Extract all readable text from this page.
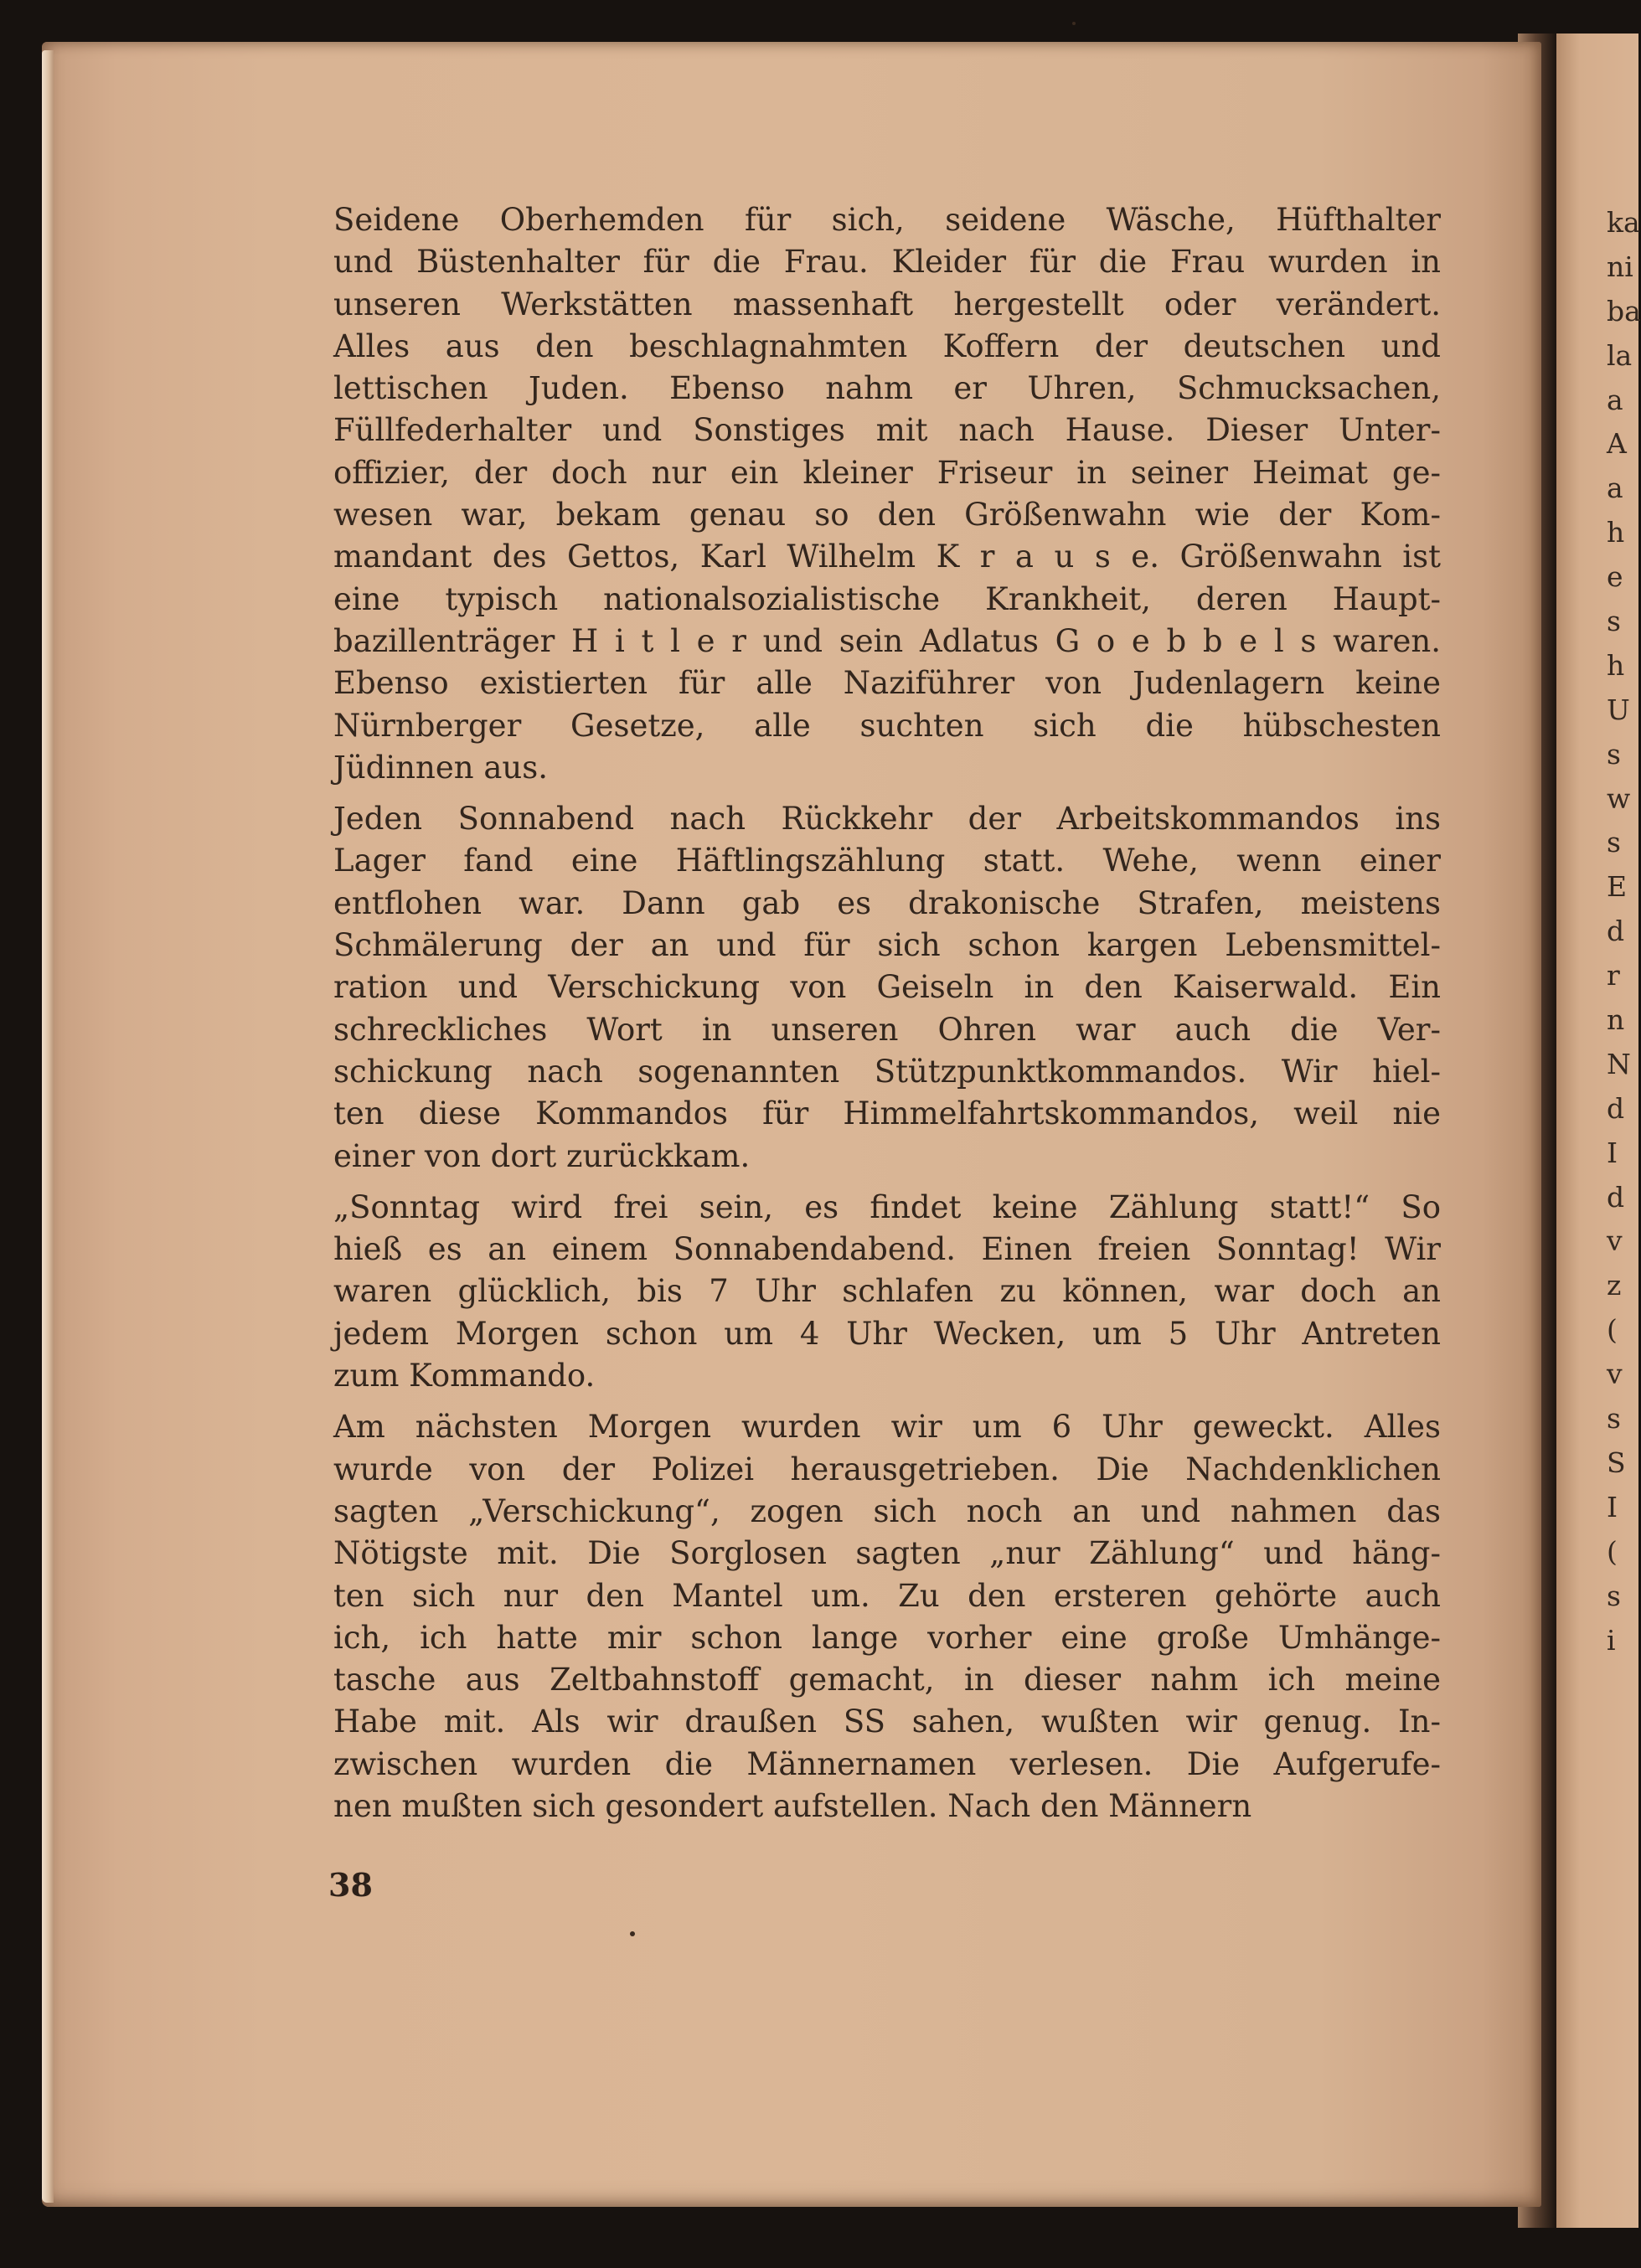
ka
ni
ba
la
a
A
a
h
e
s
h
U
s
w
s
E
d
r
n
N
d
I
d
v
z
(
v
s
S
I
(
s
i
Seidene Oberhemden für sich, seidene Wäsche, Hüfthalter
und Büstenhalter für die Frau. Kleider für die Frau wurden in
unseren Werkstätten massenhaft hergestellt oder verändert.
Alles aus den beschlagnahmten Koffern der deutschen und
lettischen Juden. Ebenso nahm er Uhren, Schmucksachen,
Füllfederhalter und Sonstiges mit nach Hause. Dieser Unter-
offizier, der doch nur ein kleiner Friseur in seiner Heimat ge-
wesen war, bekam genau so den Größenwahn wie der Kom-
mandant des Gettos, Karl Wilhelm K r a u s e. Größenwahn ist
eine typisch nationalsozialistische Krankheit, deren Haupt-
bazillenträger H i t l e r und sein Adlatus G o e b b e l s waren.
Ebenso existierten für alle Naziführer von Judenlagern keine
Nürnberger Gesetze, alle suchten sich die hübschesten
Jüdinnen aus.
Jeden Sonnabend nach Rückkehr der Arbeitskommandos ins
Lager fand eine Häftlingszählung statt. Wehe, wenn einer
entflohen war. Dann gab es drakonische Strafen, meistens
Schmälerung der an und für sich schon kargen Lebensmittel-
ration und Verschickung von Geiseln in den Kaiserwald. Ein
schreckliches Wort in unseren Ohren war auch die Ver-
schickung nach sogenannten Stützpunktkommandos. Wir hiel-
ten diese Kommandos für Himmelfahrtskommandos, weil nie
einer von dort zurückkam.
„Sonntag wird frei sein, es findet keine Zählung statt!“ So
hieß es an einem Sonnabendabend. Einen freien Sonntag! Wir
waren glücklich, bis 7 Uhr schlafen zu können, war doch an
jedem Morgen schon um 4 Uhr Wecken, um 5 Uhr Antreten
zum Kommando.
Am nächsten Morgen wurden wir um 6 Uhr geweckt. Alles
wurde von der Polizei herausgetrieben. Die Nachdenklichen
sagten „Verschickung“, zogen sich noch an und nahmen das
Nötigste mit. Die Sorglosen sagten „nur Zählung“ und häng-
ten sich nur den Mantel um. Zu den ersteren gehörte auch
ich, ich hatte mir schon lange vorher eine große Umhänge-
tasche aus Zeltbahnstoff gemacht, in dieser nahm ich meine
Habe mit. Als wir draußen SS sahen, wußten wir genug. In-
zwischen wurden die Männernamen verlesen. Die Aufgerufe-
nen mußten sich gesondert aufstellen. Nach den Männern
38
